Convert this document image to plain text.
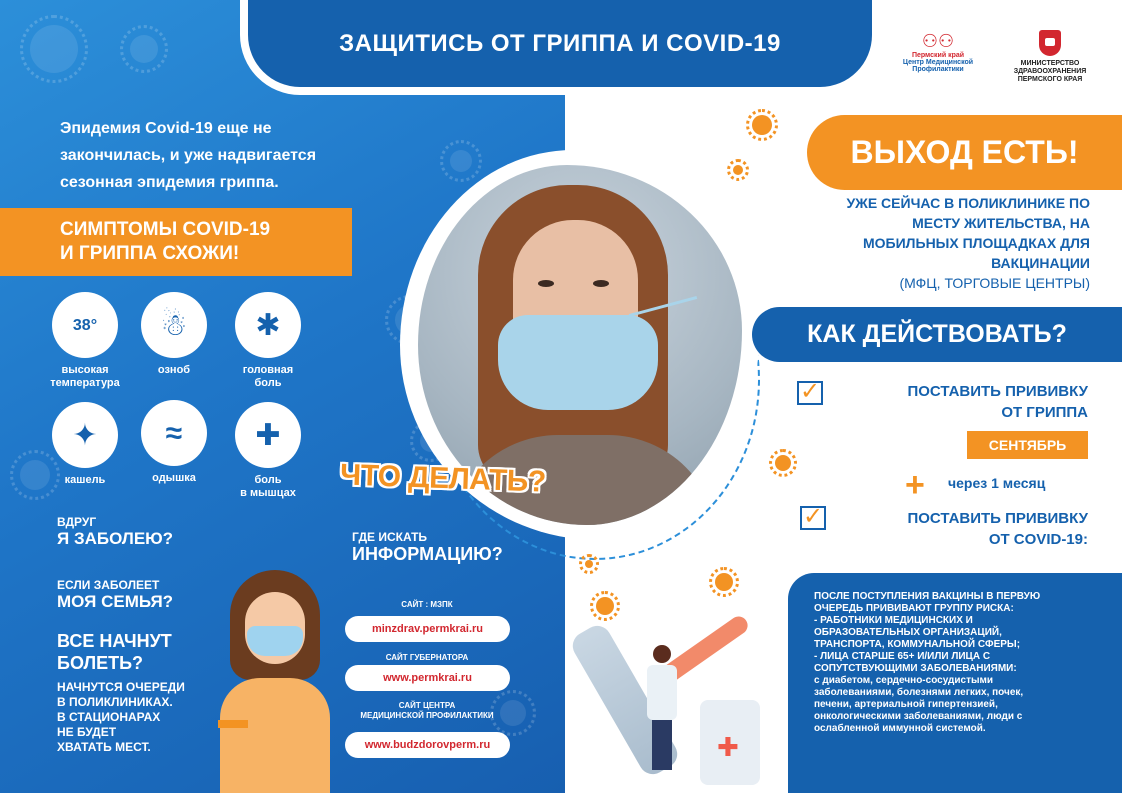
ЗАЩИТИСЬ ОТ ГРИППА И COVID-19	⚇⚇
Пермский край
Центр Медицинской Профилактики
МИНИСТЕРСТВО
ЗДРАВООХРАНЕНИЯ
ПЕРМСКОГО КРАЯ
Эпидемия Covid-19 еще не
закончилась, и уже надвигается
сезонная эпидемия гриппа.
СИМПТОМЫ COVID-19
И ГРИППА СХОЖИ!
38°
высокая
температура
☃
озноб
✱
головная
боль
✦
кашель
≈
одышка
✚
боль
в мышцах
ВДРУГ
Я ЗАБОЛЕЮ?
ЕСЛИ ЗАБОЛЕЕТ
МОЯ СЕМЬЯ?
ВСЕ НАЧНУТ
БОЛЕТЬ?
НАЧНУТСЯ ОЧЕРЕДИ
В ПОЛИКЛИНИКАХ.
В СТАЦИОНАРАХ
НЕ БУДЕТ
ХВАТАТЬ МЕСТ.
ГДЕ ИСКАТЬ
ИНФОРМАЦИЮ?
САЙТ : МЗПК
minzdrav.permkrai.ru
САЙТ ГУБЕРНАТОРА
www.permkrai.ru
САЙТ ЦЕНТРА
МЕДИЦИНСКОЙ ПРОФИЛАКТИКИ
www.budzdorovperm.ru
ЧТО ДЕЛАТЬ?
ВЫХОД ЕСТЬ!
УЖЕ СЕЙЧАС В ПОЛИКЛИНИКЕ ПО
МЕСТУ ЖИТЕЛЬСТВА, НА
МОБИЛЬНЫХ ПЛОЩАДКАХ ДЛЯ
ВАКЦИНАЦИИ
(МФЦ, ТОРГОВЫЕ ЦЕНТРЫ)
КАК ДЕЙСТВОВАТЬ?
✓	ПОСТАВИТЬ ПРИВИВКУ
ОТ ГРИППА
СЕНТЯБРЬ
+ через 1 месяц
✓	ПОСТАВИТЬ ПРИВИВКУ
ОТ COVID-19:
✚

ПОСЛЕ ПОСТУПЛЕНИЯ ВАКЦИНЫ В ПЕРВУЮ

ОЧЕРЕДЬ ПРИВИВАЮТ ГРУППУ РИСКА:

- РАБОТНИКИ МЕДИЦИНСКИХ И

ОБРАЗОВАТЕЛЬНЫХ ОРГАНИЗАЦИЙ,

ТРАНСПОРТА, КОММУНАЛЬНОЙ СФЕРЫ;

- ЛИЦА СТАРШЕ 65+ И/ИЛИ ЛИЦА С

СОПУТСТВУЮЩИМИ ЗАБОЛЕВАНИЯМИ:

с диабетом, сердечно-сосудистыми

заболеваниями, болезнями легких, почек,

печени, артериальной гипертензией,

онкологическими заболеваниями, люди с

ослабленной иммунной системой.
